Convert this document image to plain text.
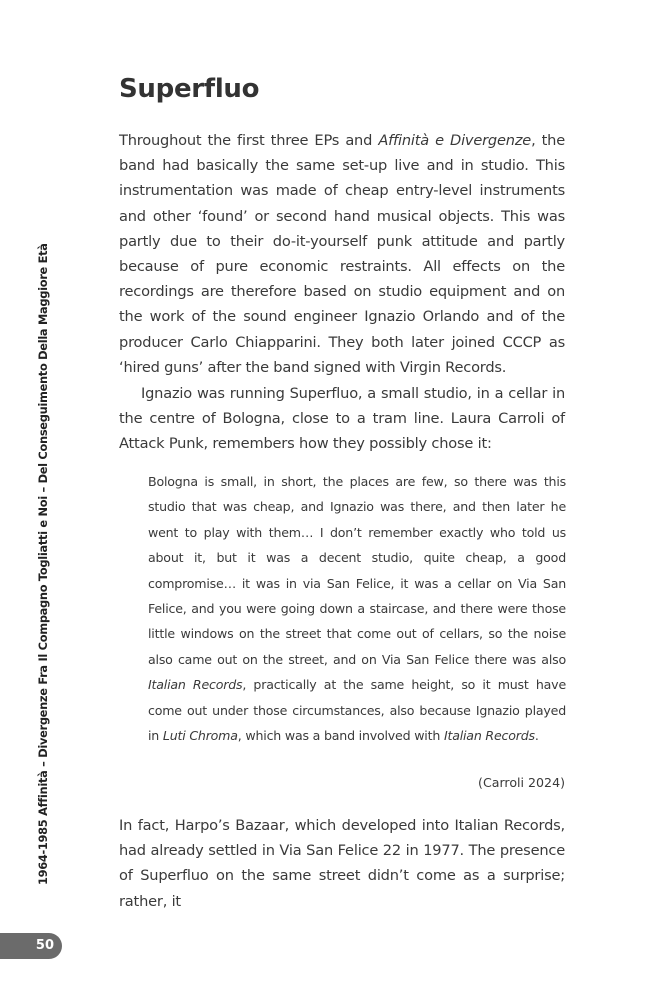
Superfluo

Throughout the first three EPs and Affinità e Divergenze, the band had basically the same set-up live and in studio. This instrumentation was made of cheap entry-level instruments and other ‘found’ or second hand musical objects. This was partly due to their do-it-yourself punk attitude and partly because of pure economic restraints. All effects on the recordings are therefore based on studio equipment and on the work of the sound engineer Ignazio Orlando and of the producer Carlo Chiapparini. They both later joined CCCP as ‘hired guns’ after the band signed with Virgin Records.

Ignazio was running Superfluo, a small studio, in a cellar in the centre of Bologna, close to a tram line. Laura Carroli of Attack Punk, remembers how they possibly chose it:

Bologna is small, in short, the places are few, so there was this studio that was cheap, and Ignazio was there, and then later he went to play with them… I don’t remember exactly who told us about it, but it was a decent studio, quite cheap, a good compromise… it was in via San Felice, it was a cellar on Via San Felice, and you were going down a staircase, and there were those little windows on the street that come out of cellars, so the noise also came out on the street, and on Via San Felice there was also Italian Records, practically at the same height, so it must have come out under those circumstances, also because Ignazio played in Luti Chroma, which was a band involved with Italian Records.

(Carroli 2024)

In fact, Harpo’s Bazaar, which developed into Italian Records, had already settled in Via San Felice 22 in 1977. The presence of Superfluo on the same street didn’t come as a surprise; rather, it

1964-1985 Affinità – Divergenze Fra Il Compagno Togliatti e Noi – Del Conseguimento Della Maggiore Età
50
